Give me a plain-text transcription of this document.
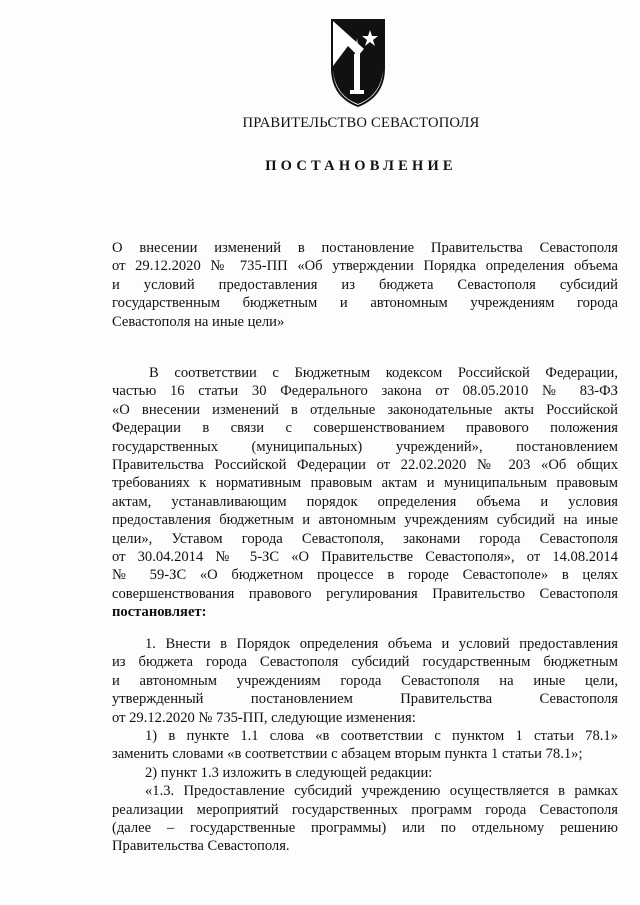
ПРАВИТЕЛЬСТВО СЕВАСТОПОЛЯ
ПОСТАНОВЛЕНИЕ
О внесении изменений в постановление Правительства Севастополя
от 29.12.2020 № 735-ПП «Об утверждении Порядка определения объема
и условий предоставления из бюджета Севастополя субсидий
государственным бюджетным и автономным учреждениям города
Севастополя на иные цели»
В соответствии с Бюджетным кодексом Российской Федерации,
частью 16 статьи 30 Федерального закона от 08.05.2010 № 83-ФЗ
«О внесении изменений в отдельные законодательные акты Российской
Федерации в связи с совершенствованием правового положения
государственных (муниципальных) учреждений», постановлением
Правительства Российской Федерации от 22.02.2020 № 203 «Об общих
требованиях к нормативным правовым актам и муниципальным правовым
актам, устанавливающим порядок определения объема и условия
предоставления бюджетным и автономным учреждениям субсидий на иные
цели», Уставом города Севастополя, законами города Севастополя
от 30.04.2014 № 5-ЗС «О Правительстве Севастополя», от 14.08.2014
№ 59-ЗС «О бюджетном процессе в городе Севастополе» в целях
совершенствования правового регулирования Правительство Севастополя
постановляет:
1. Внести в Порядок определения объема и условий предоставления
из бюджета города Севастополя субсидий государственным бюджетным
и автономным учреждениям города Севастополя на иные цели,
утвержденный постановлением Правительства Севастополя
от 29.12.2020 № 735-ПП, следующие изменения:
1) в пункте 1.1 слова «в соответствии с пунктом 1 статьи 78.1»
заменить словами «в соответствии с абзацем вторым пункта 1 статьи 78.1»;
2) пункт 1.3 изложить в следующей редакции:
«1.3. Предоставление субсидий учреждению осуществляется в рамках
реализации мероприятий государственных программ города Севастополя
(далее – государственные программы) или по отдельному решению
Правительства Севастополя.
